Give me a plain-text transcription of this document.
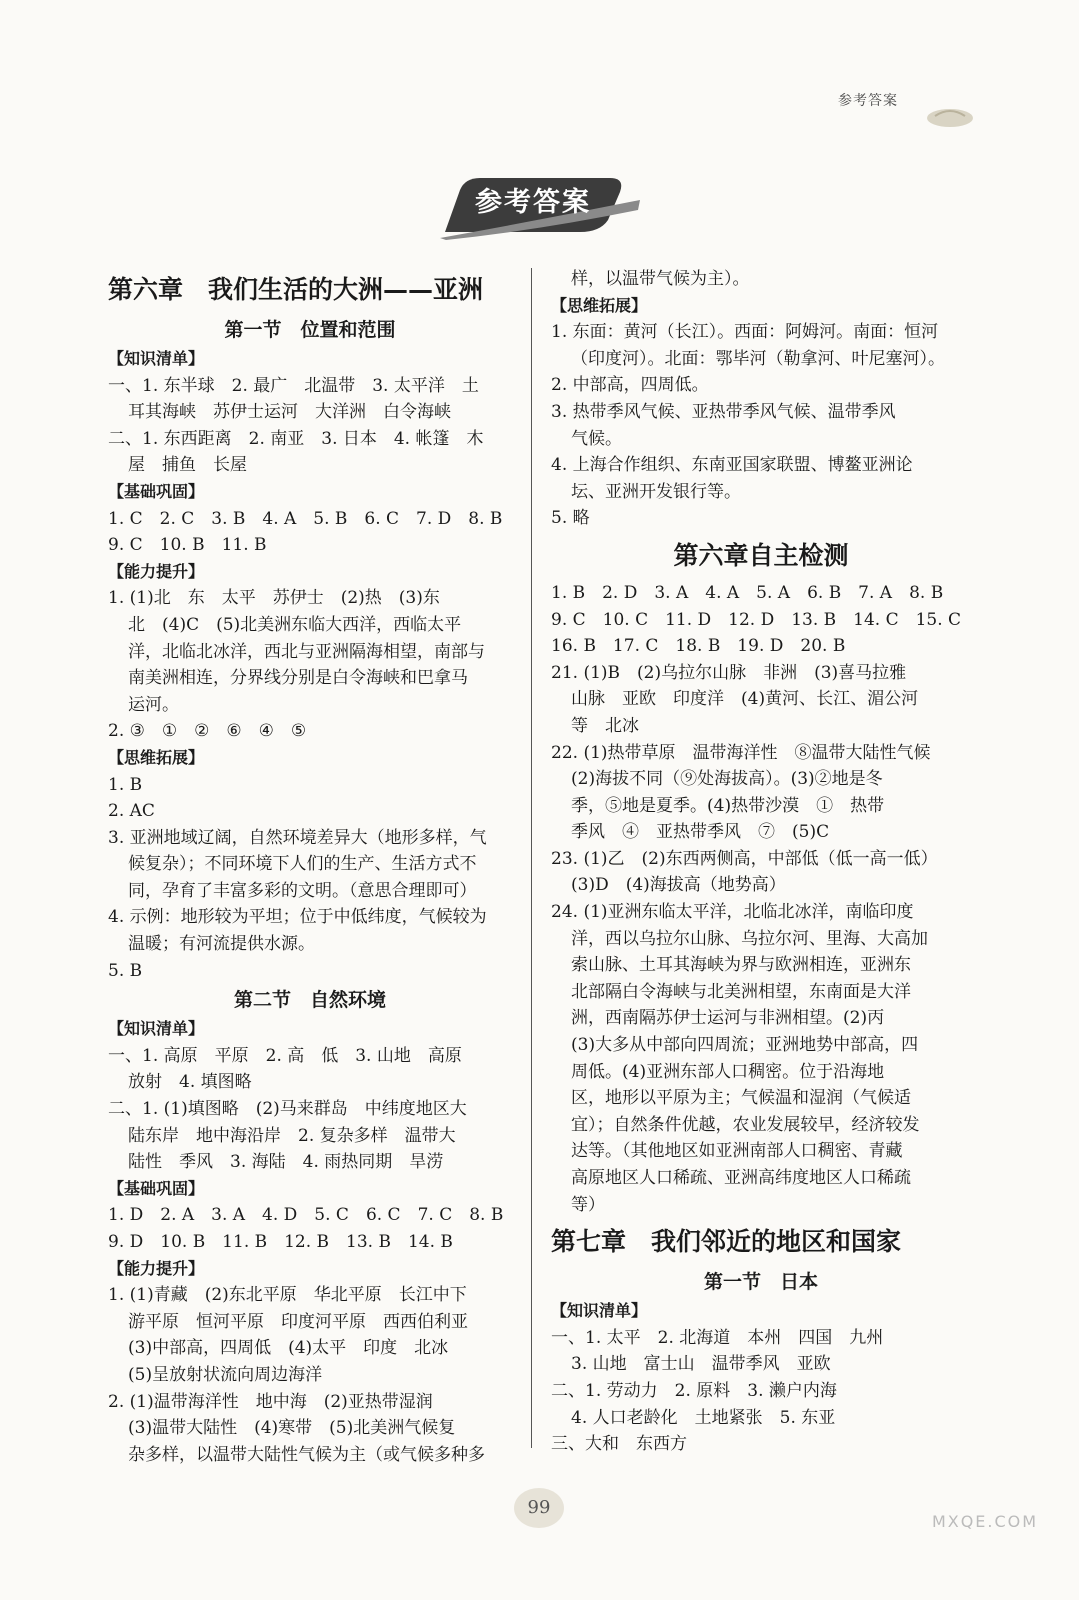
参考答案
参考答案
第六章　我们生活的大洲——亚洲
第一节　位置和范围
【知识清单】
一、1. 东半球　2. 最广　北温带　3. 太平洋　土
耳其海峡　苏伊士运河　大洋洲　白令海峡
二、1. 东西距离　2. 南亚　3. 日本　4. 帐篷　木
屋　捕鱼　长屋
【基础巩固】
1. C　2. C　3. B　4. A　5. B　6. C　7. D　8. B
9. C　10. B　11. B
【能力提升】
1. (1)北　东　太平　苏伊士　(2)热　(3)东
北　(4)C　(5)北美洲东临大西洋，西临太平
洋，北临北冰洋，西北与亚洲隔海相望，南部与
南美洲相连，分界线分别是白令海峡和巴拿马
运河。
2. ③　①　②　⑥　④　⑤
【思维拓展】
1. B
2. AC
3. 亚洲地域辽阔，自然环境差异大（地形多样，气
候复杂）；不同环境下人们的生产、生活方式不
同，孕育了丰富多彩的文明。（意思合理即可）
4. 示例：地形较为平坦；位于中低纬度，气候较为
温暖；有河流提供水源。
5. B
第二节　自然环境
【知识清单】
一、1. 高原　平原　2. 高　低　3. 山地　高原
放射　4. 填图略
二、1. (1)填图略　(2)马来群岛　中纬度地区大
陆东岸　地中海沿岸　2. 复杂多样　温带大
陆性　季风　3. 海陆　4. 雨热同期　旱涝
【基础巩固】
1. D　2. A　3. A　4. D　5. C　6. C　7. C　8. B
9. D　10. B　11. B　12. B　13. B　14. B
【能力提升】
1. (1)青藏　(2)东北平原　华北平原　长江中下
游平原　恒河平原　印度河平原　西西伯利亚
(3)中部高，四周低　(4)太平　印度　北冰
(5)呈放射状流向周边海洋
2. (1)温带海洋性　地中海　(2)亚热带湿润
(3)温带大陆性　(4)寒带　(5)北美洲气候复
杂多样，以温带大陆性气候为主（或气候多种多
样，以温带气候为主）。
【思维拓展】
1. 东面：黄河（长江）。西面：阿姆河。南面：恒河
（印度河）。北面：鄂毕河（勒拿河、叶尼塞河）。
2. 中部高，四周低。
3. 热带季风气候、亚热带季风气候、温带季风
气候。
4. 上海合作组织、东南亚国家联盟、博鳌亚洲论
坛、亚洲开发银行等。
5. 略
第六章自主检测
1. B　2. D　3. A　4. A　5. A　6. B　7. A　8. B
9. C　10. C　11. D　12. D　13. B　14. C　15. C
16. B　17. C　18. B　19. D　20. B
21. (1)B　(2)乌拉尔山脉　非洲　(3)喜马拉雅
山脉　亚欧　印度洋　(4)黄河、长江、湄公河
等　北冰
22. (1)热带草原　温带海洋性　⑧温带大陆性气候
(2)海拔不同（⑨处海拔高）。(3)②地是冬
季，⑤地是夏季。(4)热带沙漠　①　热带
季风　④　亚热带季风　⑦　(5)C
23. (1)乙　(2)东西两侧高，中部低（低一高一低）
(3)D　(4)海拔高（地势高）
24. (1)亚洲东临太平洋，北临北冰洋，南临印度
洋，西以乌拉尔山脉、乌拉尔河、里海、大高加
索山脉、土耳其海峡为界与欧洲相连，亚洲东
北部隔白令海峡与北美洲相望，东南面是大洋
洲，西南隔苏伊士运河与非洲相望。(2)丙
(3)大多从中部向四周流；亚洲地势中部高，四
周低。(4)亚洲东部人口稠密。位于沿海地
区，地形以平原为主；气候温和湿润（气候适
宜）；自然条件优越，农业发展较早，经济较发
达等。（其他地区如亚洲南部人口稠密、青藏
高原地区人口稀疏、亚洲高纬度地区人口稀疏
等）
第七章　我们邻近的地区和国家
第一节　日本
【知识清单】
一、1. 太平　2. 北海道　本州　四国　九州
3. 山地　富士山　温带季风　亚欧
二、1. 劳动力　2. 原料　3. 濑户内海
4. 人口老龄化　土地紧张　5. 东亚
三、大和　东西方
99
MXQE.COM
